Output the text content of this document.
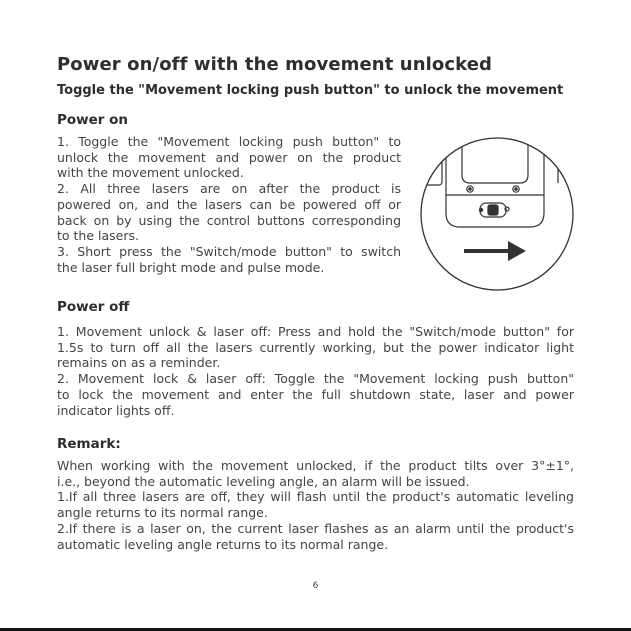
Power on/off with the movement unlocked
Toggle the "Movement locking push button" to unlock the movement
Power on
1. Toggle the "Movement locking push button" to
unlock the movement and power on the product
with the movement unlocked.
2. All three lasers are on after the product is
powered on, and the lasers can be powered off or
back on by using the control buttons corresponding
to the lasers.
3. Short press the "Switch/mode button" to switch
the laser full bright mode and pulse mode.
Power off
1. Movement unlock & laser off: Press and hold the "Switch/mode button" for
1.5s to turn off all the lasers currently working, but the power indicator light
remains on as a reminder.
2. Movement lock & laser off: Toggle the "Movement locking push button"
to lock the movement and enter the full shutdown state, laser and power
indicator lights off.
Remark:
When working with the movement unlocked, if the product tilts over 3°±1°,
i.e., beyond the automatic leveling angle, an alarm will be issued.
1.If all three lasers are off, they will flash until the product's automatic leveling
angle returns to its normal range.
2.If there is a laser on, the current laser flashes as an alarm until the product's
automatic leveling angle returns to its normal range.
6
